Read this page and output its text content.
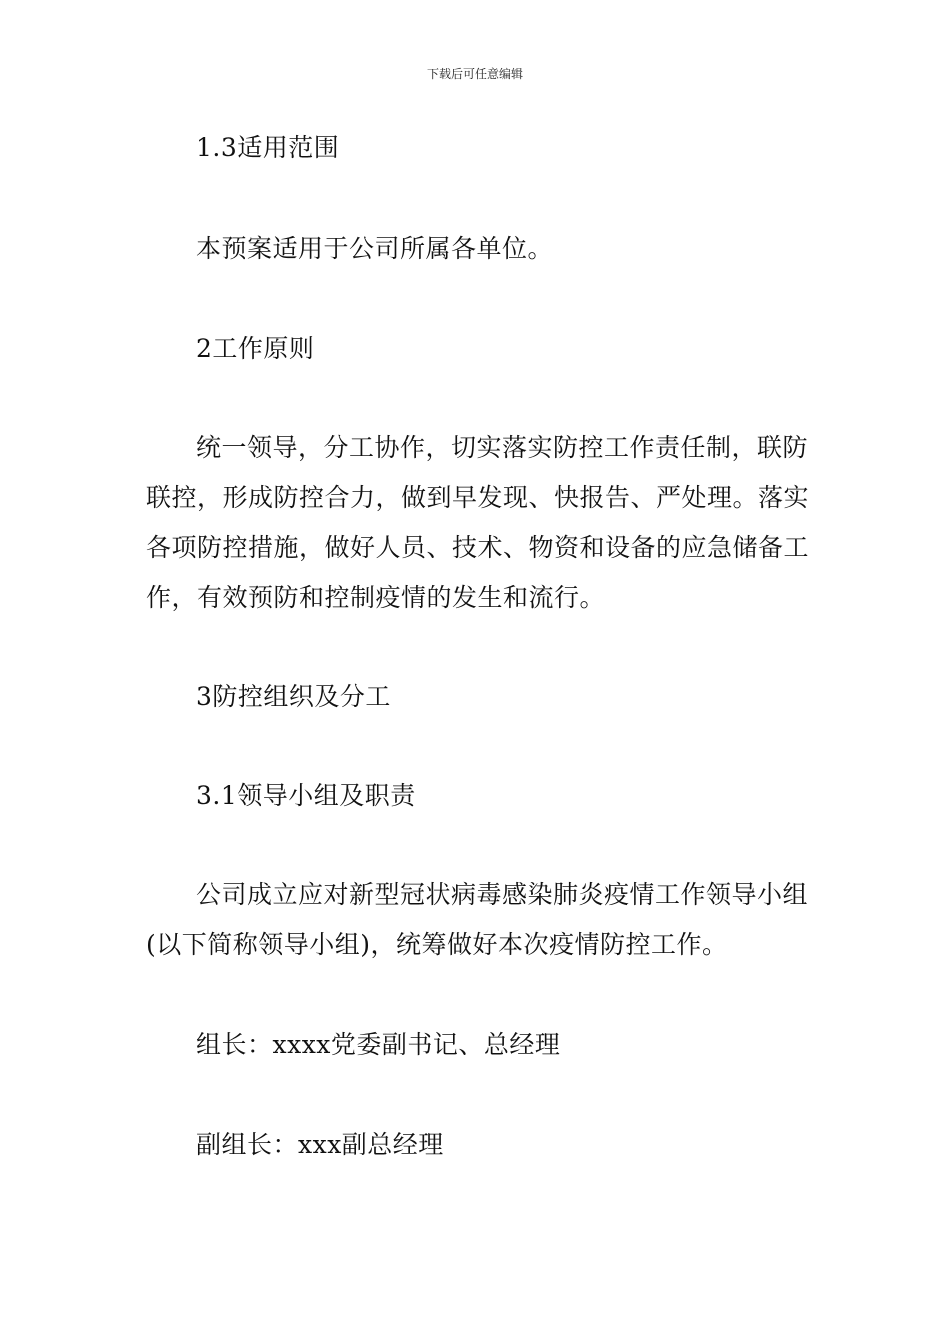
下载后可任意编辑

1.3适用范围

本预案适用于公司所属各单位。

2工作原则

统一领导，分工协作，切实落实防控工作责任制，联防联控，形成防控合力，做到早发现、快报告、严处理。落实各项防控措施，做好人员、技术、物资和设备的应急储备工作，有效预防和控制疫情的发生和流行。

3防控组织及分工

3.1领导小组及职责

公司成立应对新型冠状病毒感染肺炎疫情工作领导小组(以下简称领导小组)，统筹做好本次疫情防控工作。

组长：xxxx党委副书记、总经理

副组长：xxx副总经理
